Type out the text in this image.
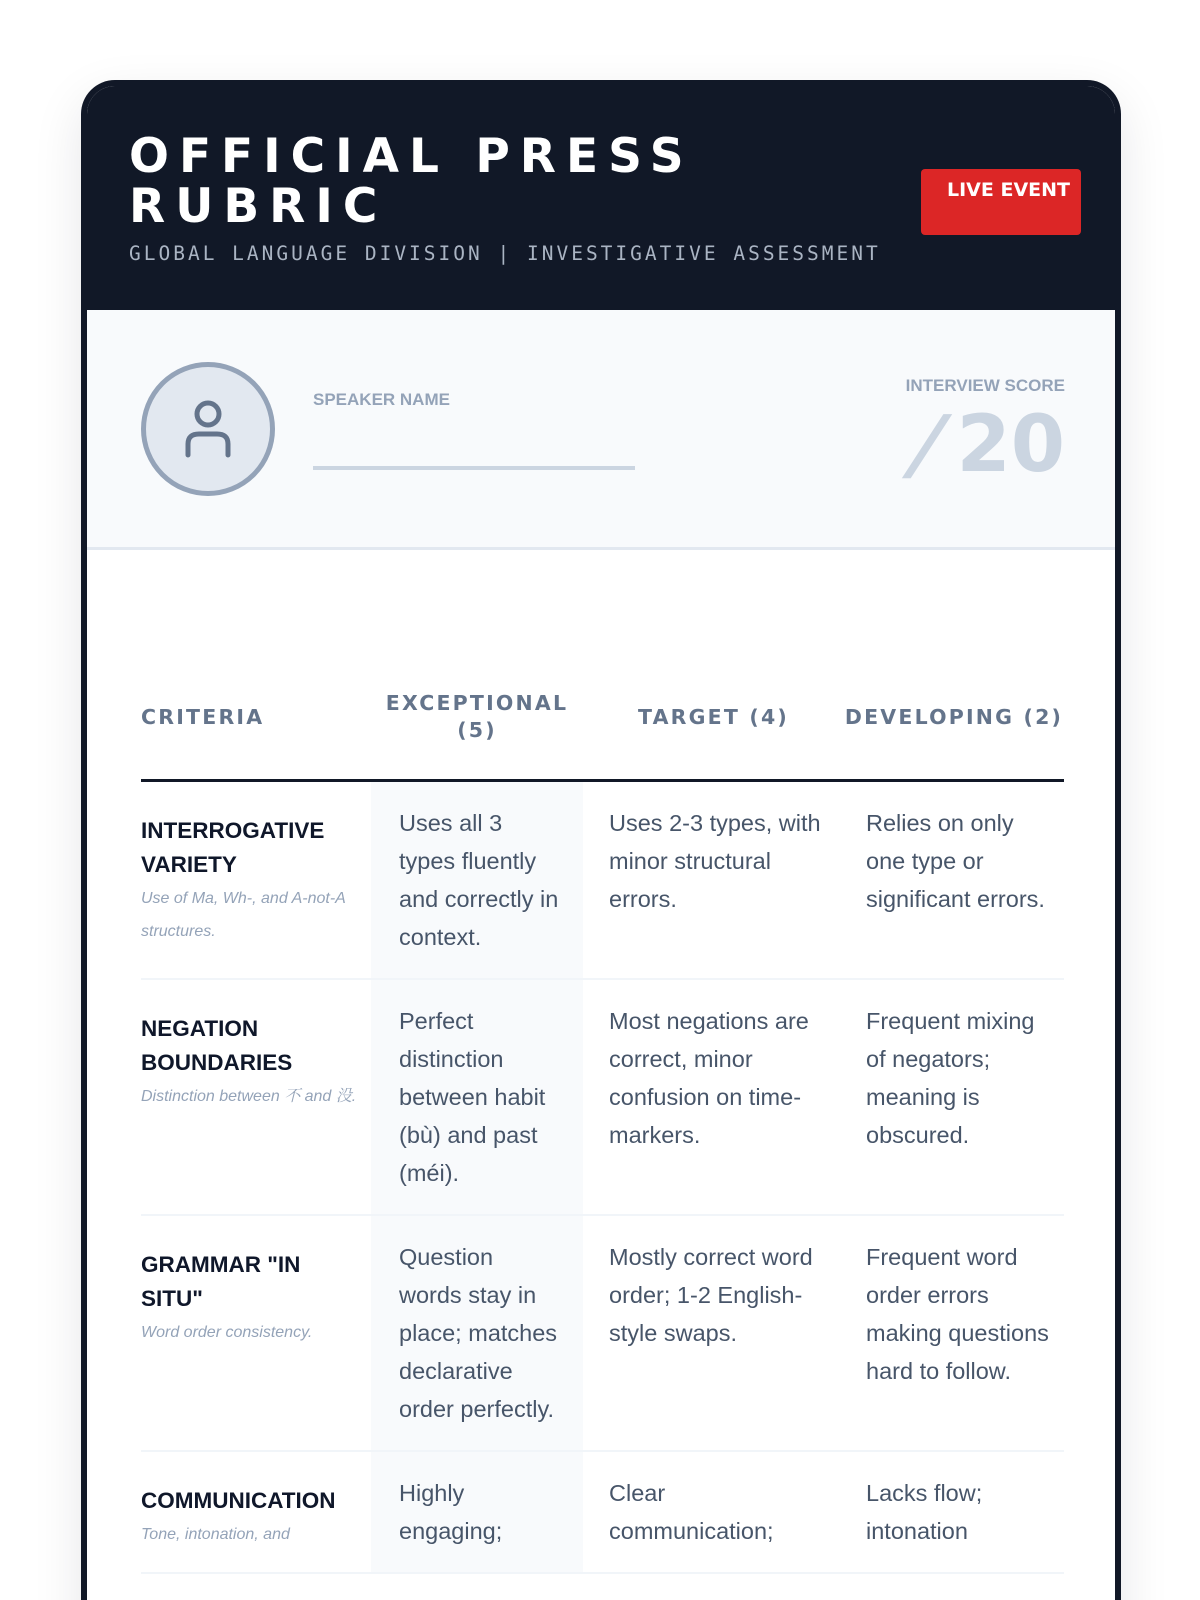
OFFICIAL PRESS RUBRIC
GLOBAL LANGUAGE DIVISION | INVESTIGATIVE ASSESSMENT
LIVE EVENT
SPEAKER NAME
INTERVIEW SCORE
/20
CRITERIA	EXCEPTIONAL (5)	TARGET (4)	DEVELOPING (2)

INTERROGATIVE VARIETY
Use of Ma, Wh-, and A-not-A structures.	Uses all 3 types fluently and correctly in context.	Uses 2-3 types, with minor structural errors.	Relies on only one type or significant errors.

NEGATION BOUNDARIES
Distinction between 不 and 没.	Perfect distinction between habit (bù) and past (méi).	Most negations are correct, minor confusion on time-markers.	Frequent mixing of negators; meaning is obscured.

GRAMMAR "IN SITU"
Word order consistency.	Question words stay in place; matches declarative order perfectly.	Mostly correct word order; 1-2 English-style swaps.	Frequent word order errors making questions hard to follow.

COMMUNICATION
Tone, intonation, and	Highly engaging;	Clear communication;	Lacks flow; intonation
